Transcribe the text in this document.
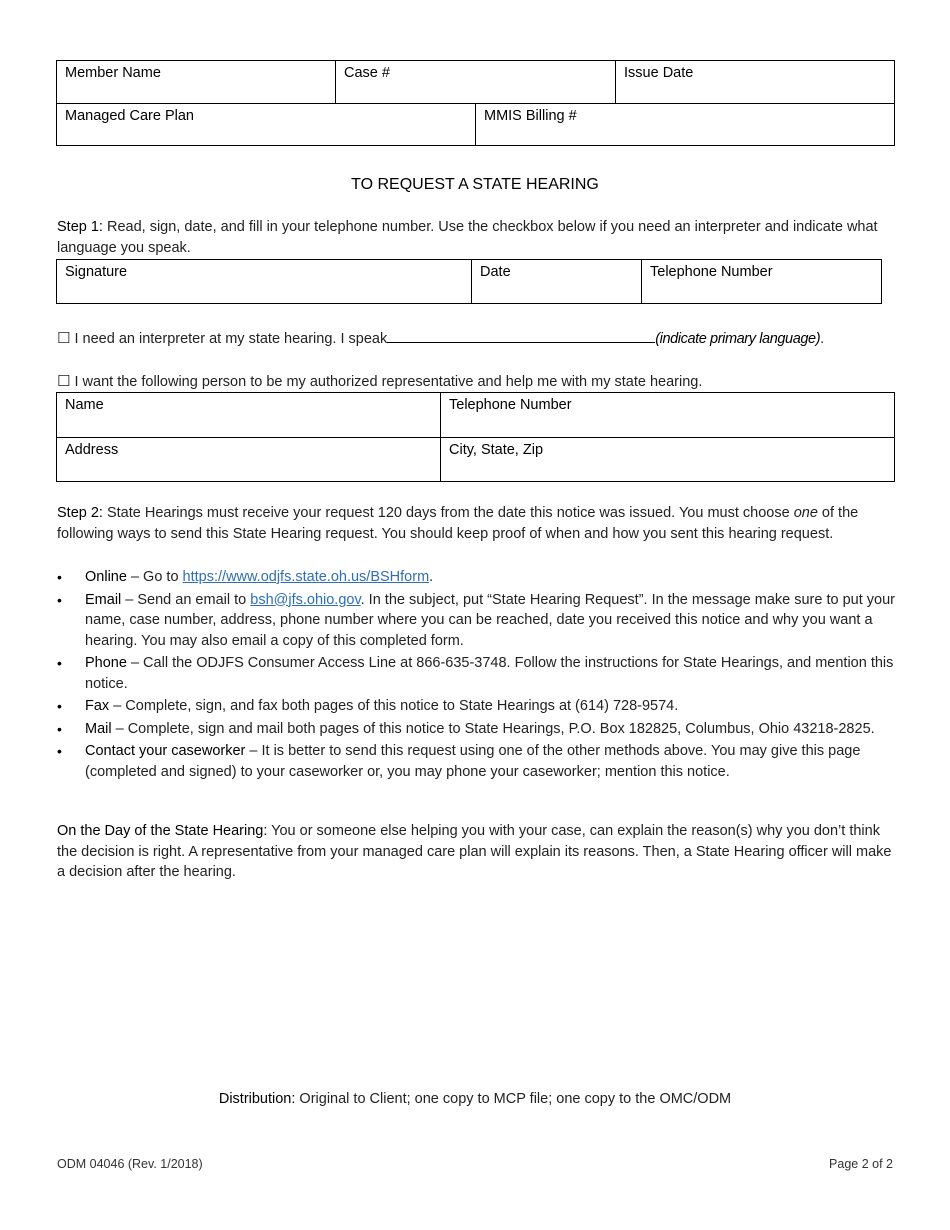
Member Name	Case #		Issue Date
Managed Care Plan		MMIS Billing #	
TO REQUEST A STATE HEARING
Step 1: Read, sign, date, and fill in your telephone number. Use the checkbox below if you need an interpreter and indicate what language you speak.
Signature	Date	Telephone Number
☐ I need an interpreter at my state hearing. I speak	(indicate primary language).
☐ I want the following person to be my authorized representative and help me with my state hearing.
Name	Telephone Number
Address	City, State, Zip
Step 2: State Hearings must receive your request 120 days from the date this notice was issued. You must choose one of the following ways to send this State Hearing request. You should keep proof of when and how you sent this hearing request.
• Online – Go to https://www.odjfs.state.oh.us/BSHform.
• Email – Send an email to bsh@jfs.ohio.gov. In the subject, put “State Hearing Request”. In the message make sure to put your name, case number, address, phone number where you can be reached, date you received this notice and why you want a hearing. You may also email a copy of this completed form.
• Phone – Call the ODJFS Consumer Access Line at 866-635-3748. Follow the instructions for State Hearings, and mention this notice.
• Fax – Complete, sign, and fax both pages of this notice to State Hearings at (614) 728-9574.
• Mail – Complete, sign and mail both pages of this notice to State Hearings, P.O. Box 182825, Columbus, Ohio 43218-2825.
• Contact your caseworker – It is better to send this request using one of the other methods above. You may give this page (completed and signed) to your caseworker or, you may phone your caseworker; mention this notice.
On the Day of the State Hearing: You or someone else helping you with your case, can explain the reason(s) why you don’t think the decision is right. A representative from your managed care plan will explain its reasons. Then, a State Hearing officer will make a decision after the hearing.
Distribution: Original to Client; one copy to MCP file; one copy to the OMC/ODM
ODM 04046 (Rev. 1/2018)	Page 2 of 2
